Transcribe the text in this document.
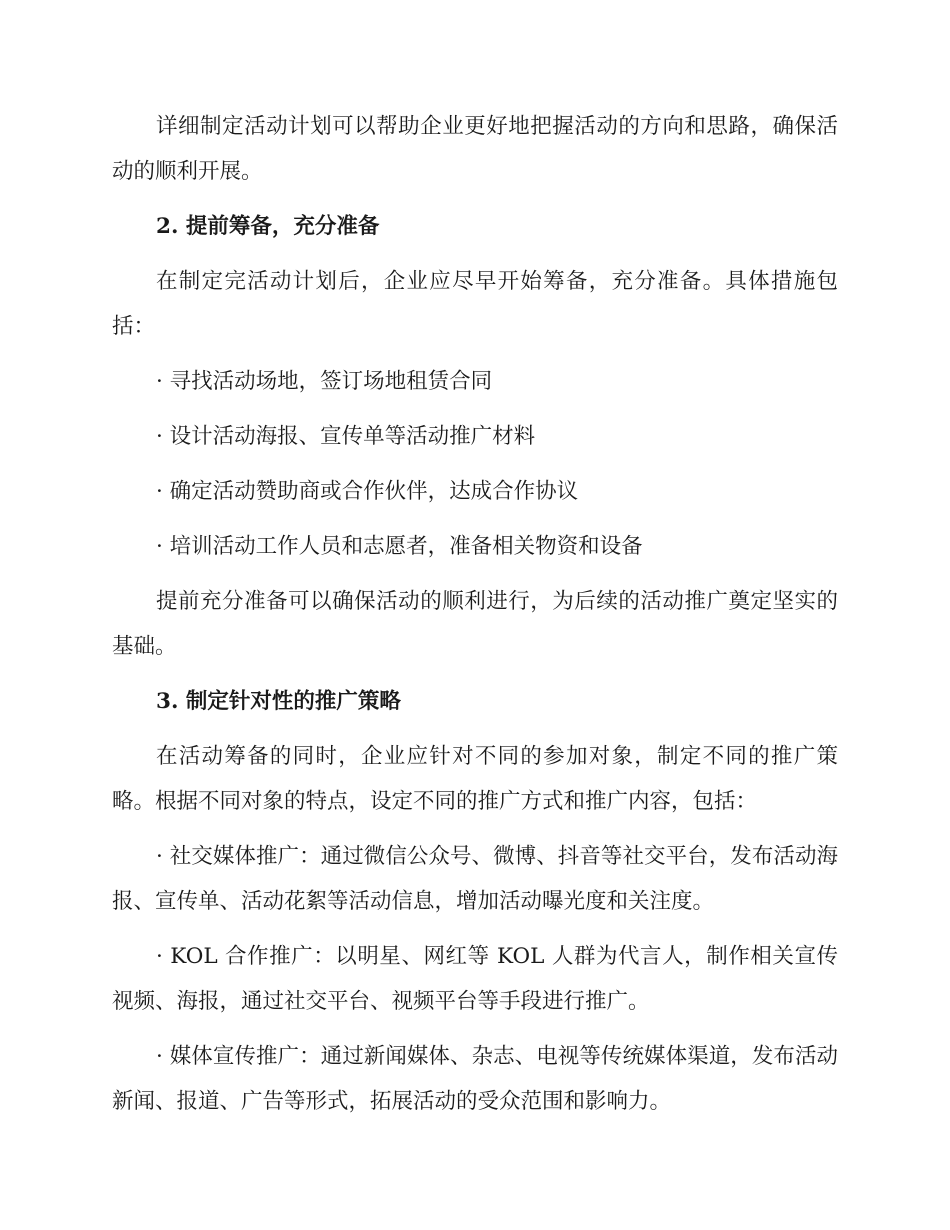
详细制定活动计划可以帮助企业更好地把握活动的方向和思路，确保活动的顺利开展。

2. 提前筹备，充分准备

在制定完活动计划后，企业应尽早开始筹备，充分准备。具体措施包括：

· 寻找活动场地，签订场地租赁合同

· 设计活动海报、宣传单等活动推广材料

· 确定活动赞助商或合作伙伴，达成合作协议

· 培训活动工作人员和志愿者，准备相关物资和设备

提前充分准备可以确保活动的顺利进行，为后续的活动推广奠定坚实的基础。

3. 制定针对性的推广策略

在活动筹备的同时，企业应针对不同的参加对象，制定不同的推广策略。根据不同对象的特点，设定不同的推广方式和推广内容，包括：

· 社交媒体推广：通过微信公众号、微博、抖音等社交平台，发布活动海报、宣传单、活动花絮等活动信息，增加活动曝光度和关注度。

· KOL 合作推广：以明星、网红等 KOL 人群为代言人，制作相关宣传视频、海报，通过社交平台、视频平台等手段进行推广。

· 媒体宣传推广：通过新闻媒体、杂志、电视等传统媒体渠道，发布活动新闻、报道、广告等形式，拓展活动的受众范围和影响力。
